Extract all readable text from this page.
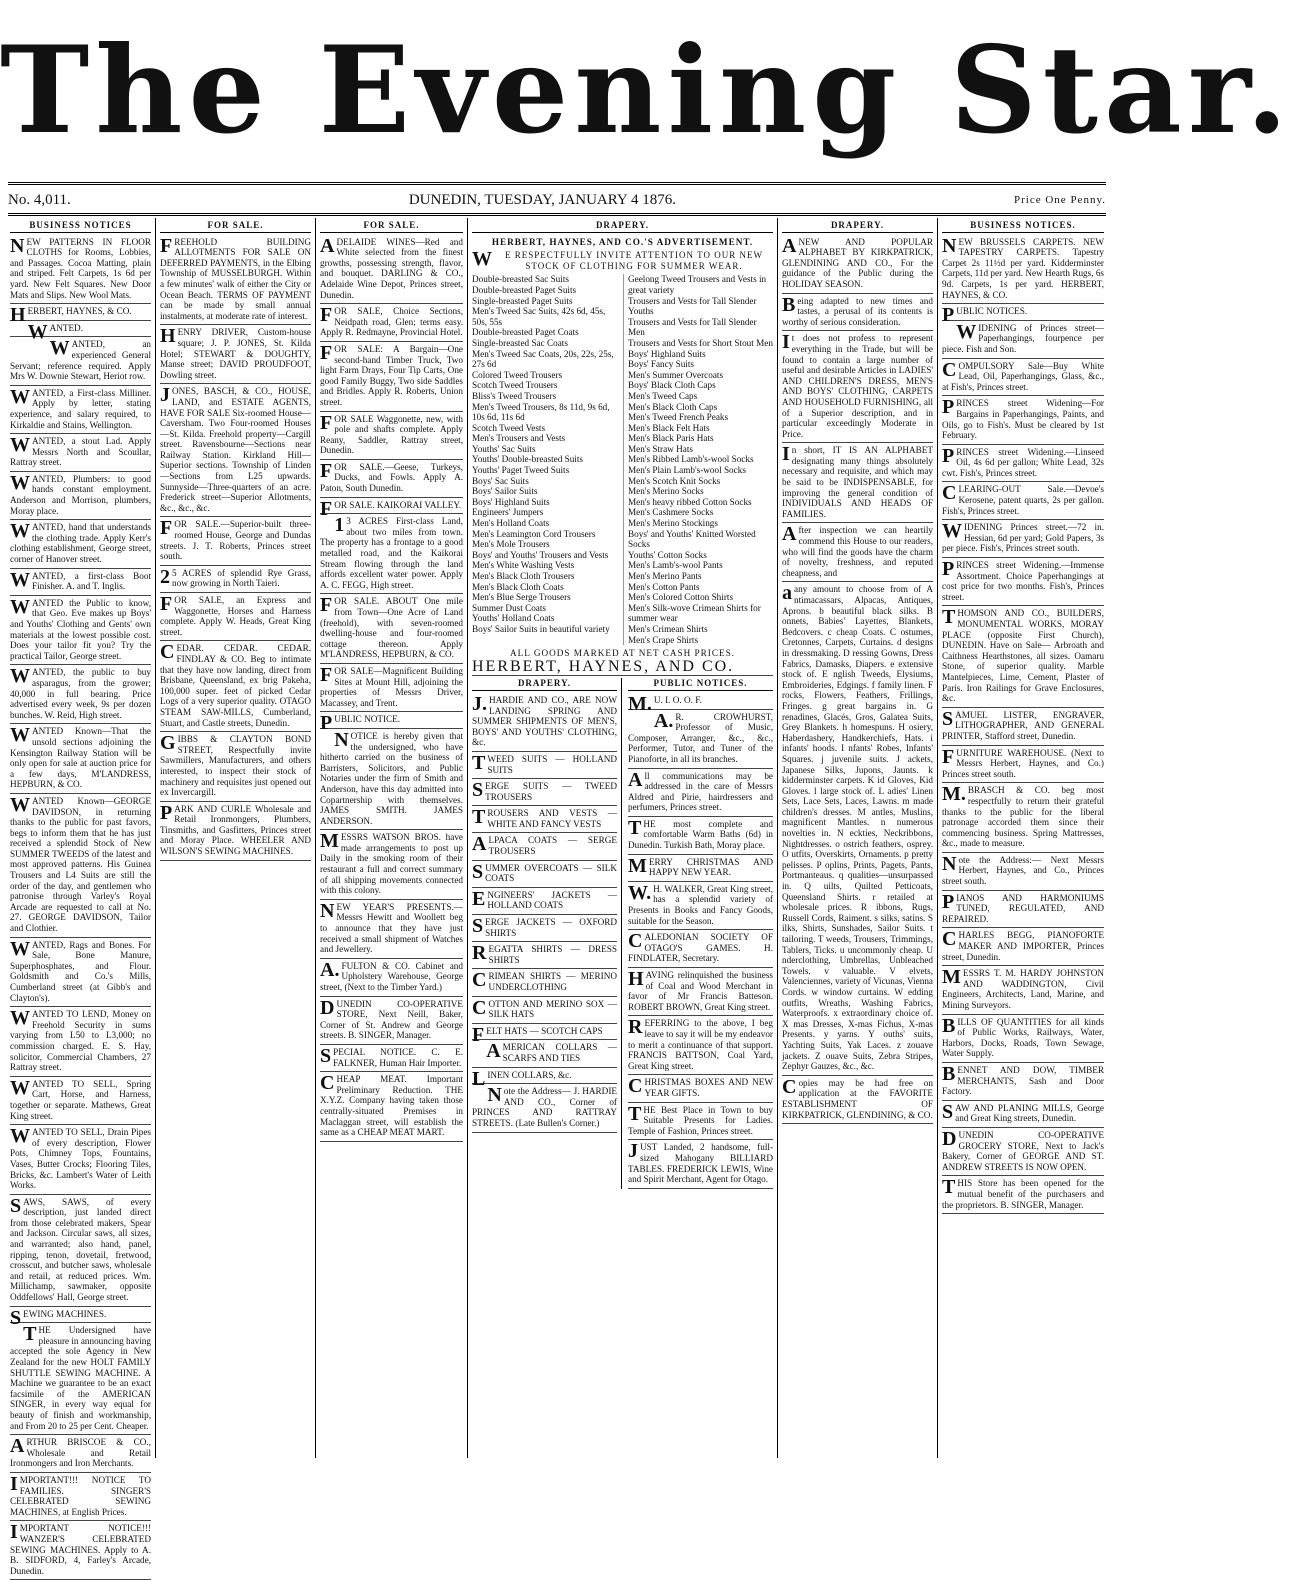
The Evening Star.
No. 4,011.	DUNEDIN, TUESDAY, JANUARY 4 1876.	Price One Penny.
BUSINESS NOTICES

NEW PATTERNS IN FLOOR CLOTHS for Rooms, Lobbies, and Passages. Cocoa Matting, plain and striped. Felt Carpets, 1s 6d per yard. New Felt Squares. New Door Mats and Slips. New Wool Mats.

HERBERT, HAYNES, & CO.

WANTED.

WANTED, an experienced General Servant; reference required. Apply Mrs W. Downie Stewart, Heriot row.

WANTED, a First-class Milliner. Apply by letter, stating experience, and salary required, to Kirkaldie and Stains, Wellington.

WANTED, a stout Lad. Apply Messrs North and Scoullar, Rattray street.

WANTED, Plumbers: to good hands constant employment. Anderson and Morrison, plumbers, Moray place.

WANTED, hand that understands the clothing trade. Apply Kerr's clothing establishment, George street, corner of Hanover street.

WANTED, a first-class Boot Finisher. A. and T. Inglis.

WANTED the Public to know, that Geo. Eve makes up Boys' and Youths' Clothing and Gents' own materials at the lowest possible cost. Does your tailor fit you? Try the practical Tailor, George street.

WANTED, the public to buy asparagus, from the grower; 40,000 in full bearing. Price advertised every week, 9s per dozen bunches. W. Reid, High street.

WANTED Known—That the unsold sections adjoining the Kensington Railway Station will be only open for sale at auction price for a few days, M'LANDRESS, HEPBURN, & CO.

WANTED Known—GEORGE DAVIDSON, in returning thanks to the public for past favors, begs to inform them that he has just received a splendid Stock of New SUMMER TWEEDS of the latest and most approved patterns. His Guinea Trousers and L4 Suits are still the order of the day, and gentlemen who patronise through Varley's Royal Arcade are requested to call at No. 27. GEORGE DAVIDSON, Tailor and Clothier.

WANTED, Rags and Bones. For Sale, Bone Manure, Superphosphates, and Flour. Goldsmith and Co.'s Mills, Cumberland street (at Gibb's and Clayton's).

WANTED TO LEND, Money on Freehold Security in sums varying from L50 to L3,000; no commission charged. E. S. Hay, solicitor, Commercial Chambers, 27 Rattray street.

WANTED TO SELL, Spring Cart, Horse, and Harness, together or separate. Mathews, Great King street.

WANTED TO SELL, Drain Pipes of every description, Flower Pots, Chimney Tops, Fountains, Vases, Butter Crocks; Flooring Tiles, Bricks, &c. Lambert's Water of Leith Works.

SAWS, SAWS, of every description, just landed direct from those celebrated makers, Spear and Jackson. Circular saws, all sizes, and warranted; also hand, panel, ripping, tenon, dovetail, fretwood, crosscut, and butcher saws, wholesale and retail, at reduced prices. Wm. Millichamp, sawmaker, opposite Oddfellows' Hall, George street.

SEWING MACHINES.

THE Undersigned have pleasure in announcing having accepted the sole Agency in New Zealand for the new HOLT FAMILY SHUTTLE SEWING MACHINE. A Machine we guarantee to be an exact facsimile of the AMERICAN SINGER, in every way equal for beauty of finish and workmanship, and From 20 to 25 per Cent. Cheaper.

ARTHUR BRISCOE & CO., Wholesale and Retail Ironmongers and Iron Merchants.

IMPORTANT!!! NOTICE TO FAMILIES. SINGER'S CELEBRATED SEWING MACHINES, at English Prices.

IMPORTANT NOTICE!!! WANZER'S CELEBRATED SEWING MACHINES. Apply to A. B. SIDFORD, 4, Farley's Arcade, Dunedin.

FOR SALE.

FREEHOLD BUILDING ALLOTMENTS FOR SALE ON DEFERRED PAYMENTS, in the Elbing Township of MUSSELBURGH. Within a few minutes' walk of either the City or Ocean Beach. TERMS OF PAYMENT can be made by small annual instalments, at moderate rate of interest.

HENRY DRIVER, Custom-house square; J. P. JONES, St. Kilda Hotel; STEWART & DOUGHTY, Manse street; DAVID PROUDFOOT, Dowling street.

JONES, BASCH, & CO., HOUSE, LAND, and ESTATE AGENTS, HAVE FOR SALE Six-roomed House—Caversham. Two Four-roomed Houses—St. Kilda. Freehold property—Cargill street. Ravensbourne—Sections near Railway Station. Kirkland Hill—Superior sections. Township of Linden—Sections from L25 upwards. Sunnyside—Three-quarters of an acre. Frederick street—Superior Allotments, &c., &c., &c.

FOR SALE.—Superior-built three-roomed House, George and Dundas streets. J. T. Roberts, Princes street south.

25 ACRES of splendid Rye Grass, now growing in North Taieri.

FOR SALE, an Express and Waggonette, Horses and Harness complete. Apply W. Heads, Great King street.

CEDAR. CEDAR. CEDAR. FINDLAY & CO. Beg to intimate that they have now landing, direct from Brisbane, Queensland, ex brig Pakeha, 100,000 super. feet of picked Cedar Logs of a very superior quality. OTAGO STEAM SAW-MILLS, Cumberland, Stuart, and Castle streets, Dunedin.

GIBBS & CLAYTON BOND STREET, Respectfully invite Sawmillers, Manufacturers, and others interested, to inspect their stock of machinery and requisites just opened out ex Invercargill.

PARK AND CURLE Wholesale and Retail Ironmongers, Plumbers, Tinsmiths, and Gasfitters, Princes street and Moray Place. WHEELER AND WILSON'S SEWING MACHINES.

FOR SALE.

ADELAIDE WINES—Red and White selected from the finest growths, possessing strength, flavor, and bouquet. DARLING & CO., Adelaide Wine Depot, Princes street, Dunedin.

FOR SALE, Choice Sections, Neidpath road, Glen; terms easy. Apply R. Redmayne, Provincial Hotel.

FOR SALE: A Bargain—One second-hand Timber Truck, Two light Farm Drays, Four Tip Carts, One good Family Buggy, Two side Saddles and Bridles. Apply R. Roberts, Union street.

FOR SALE Waggonette, new, with pole and shafts complete. Apply Reany, Saddler, Rattray street, Dunedin.

FOR SALE.—Geese, Turkeys, Ducks, and Fowls. Apply A. Paton, South Dunedin.

FOR SALE. KAIKORAI VALLEY.

13 ACRES First-class Land, about two miles from town. The property has a frontage to a good metalled road, and the Kaikorai Stream flowing through the land affords excellent water power. Apply A. C. FEGG, High street.

FOR SALE. ABOUT One mile from Town—One Acre of Land (freehold), with seven-roomed dwelling-house and four-roomed cottage thereon. Apply M'LANDRESS, HEPBURN, & CO.

FOR SALE—Magnificent Building Sites at Mount Hill, adjoining the properties of Messrs Driver, Macassey, and Trent.

PUBLIC NOTICE.

NOTICE is hereby given that the undersigned, who have hitherto carried on the business of Barristers, Solicitors, and Public Notaries under the firm of Smith and Anderson, have this day admitted into Copartnership with themselves. JAMES SMITH. JAMES ANDERSON.

MESSRS WATSON BROS. have made arrangements to post up Daily in the smoking room of their restaurant a full and correct summary of all shipping movements connected with this colony.

NEW YEAR'S PRESENTS.—Messrs Hewitt and Woollett beg to announce that they have just received a small shipment of Watches and Jewellery.

A.FULTON & CO. Cabinet and Upholstery Warehouse, George street, (Next to the Timber Yard.)

DUNEDIN CO-OPERATIVE STORE, Next Neill, Baker, Corner of St. Andrew and George streets. B. SINGER, Manager.

SPECIAL NOTICE. C. E. FALKNER, Human Hair Importer.

CHEAP MEAT. Important Preliminary Reduction. THE X.Y.Z. Company having taken those centrally-situated Premises in Maclaggan street, will establish the same as a CHEAP MEAT MART.

DRAPERY.

HERBERT, HAYNES, AND CO.'S ADVERTISEMENT.

WE RESPECTFULLY INVITE ATTENTION TO OUR NEW STOCK OF CLOTHING FOR SUMMER WEAR.

Double-breasted Sac Suits
Double-breasted Paget Suits
Single-breasted Paget Suits
Men's Tweed Sac Suits, 42s 6d, 45s, 50s, 55s
Double-breasted Paget Coats
Single-breasted Sac Coats
Men's Tweed Sac Coats, 20s, 22s, 25s, 27s 6d
Colored Tweed Trousers
Scotch Tweed Trousers
Bliss's Tweed Trousers
Men's Tweed Trousers, 8s 11d, 9s 6d, 10s 6d, 11s 6d
Scotch Tweed Vests
Men's Trousers and Vests
Youths' Sac Suits
Youths' Double-breasted Suits
Youths' Paget Tweed Suits
Boys' Sac Suits
Boys' Sailor Suits
Boys' Highland Suits
Engineers' Jumpers
Men's Holland Coats
Men's Leamington Cord Trousers
Men's Mole Trousers
Boys' and Youths' Trousers and Vests
Men's White Washing Vests
Men's Black Cloth Trousers
Men's Black Cloth Coats
Men's Blue Serge Trousers
Summer Dust Coats
Youths' Holland Coats
Boys' Sailor Suits in beautiful variety
Geelong Tweed Trousers and Vests in great variety
Trousers and Vests for Tall Slender Youths
Trousers and Vests for Tall Slender Men
Trousers and Vests for Short Stout Men
Boys' Highland Suits
Boys' Fancy Suits
Men's Summer Overcoats
Boys' Black Cloth Caps
Men's Tweed Caps
Men's Black Cloth Caps
Men's Tweed French Peaks
Men's Black Felt Hats
Men's Black Paris Hats
Men's Straw Hats
Men's Ribbed Lamb's-wool Socks
Men's Plain Lamb's-wool Socks
Men's Scotch Knit Socks
Men's Merino Socks
Men's heavy ribbed Cotton Socks
Men's Cashmere Socks
Men's Merino Stockings
Boys' and Youths' Knitted Worsted Socks
Youths' Cotton Socks
Men's Lamb's-wool Pants
Men's Merino Pants
Men's Cotton Pants
Men's Colored Cotton Shirts
Men's Silk-wove Crimean Shirts for summer wear
Men's Crimean Shirts
Men's Crape Shirts

ALL GOODS MARKED AT NET CASH PRICES.

HERBERT, HAYNES, AND CO.

DRAPERY.

J.HARDIE AND CO., ARE NOW LANDING SPRING AND SUMMER SHIPMENTS OF MEN'S, BOYS' AND YOUTHS' CLOTHING, &c.

TWEED SUITS — HOLLAND SUITS

SERGE SUITS — TWEED TROUSERS

TROUSERS AND VESTS — WHITE AND FANCY VESTS

ALPACA COATS — SERGE TROUSERS

SUMMER OVERCOATS — SILK COATS

ENGINEERS' JACKETS — HOLLAND COATS

SERGE JACKETS — OXFORD SHIRTS

REGATTA SHIRTS — DRESS SHIRTS

CRIMEAN SHIRTS — MERINO UNDERCLOTHING

COTTON AND MERINO SOX — SILK HATS

FELT HATS — SCOTCH CAPS

AMERICAN COLLARS — SCARFS AND TIES

LINEN COLLARS, &c.

Note the Address— J. HARDIE AND CO., Corner of PRINCES AND RATTRAY STREETS. (Late Bullen's Corner.)

PUBLIC NOTICES.

M.U. I. O. O. F.

A.R. CROWHURST, Professor of Music, Composer, Arranger, &c., &c., Performer, Tutor, and Tuner of the Pianoforte, in all its branches.

All communications may be addressed in the care of Messrs Aldred and Pirie, hairdressers and perfumers, Princes street.

THE most complete and comfortable Warm Baths (6d) in Dunedin. Turkish Bath, Moray place.

MERRY CHRISTMAS AND HAPPY NEW YEAR.

W.H. WALKER, Great King street, has a splendid variety of Presents in Books and Fancy Goods, suitable for the Season.

CALEDONIAN SOCIETY OF OTAGO'S GAMES. H. FINDLATER, Secretary.

HAVING relinquished the business of Coal and Wood Merchant in favor of Mr Francis Batteson. ROBERT BROWN, Great King street.

REFERRING to the above, I beg leave to say it will be my endeavor to merit a continuance of that support. FRANCIS BATTSON, Coal Yard, Great King street.

CHRISTMAS BOXES AND NEW YEAR GIFTS.

THE Best Place in Town to buy Suitable Presents for Ladies. Temple of Fashion, Princes street.

JUST Landed, 2 handsome, full-sized Mahogany BILLIARD TABLES. FREDERICK LEWIS, Wine and Spirit Merchant, Agent for Otago.

DRAPERY.

ANEW AND POPULAR ALPHABET BY KIRKPATRICK, GLENDINING AND CO., For the guidance of the Public during the HOLIDAY SEASON.

Being adapted to new times and tastes, a perusal of its contents is worthy of serious consideration.

It does not profess to represent everything in the Trade, but will be found to contain a large number of useful and desirable Articles in LADIES' AND CHILDREN'S DRESS, MEN'S AND BOYS' CLOTHING, CARPETS AND HOUSEHOLD FURNISHING, all of a Superior description, and in particular exceedingly Moderate in Price.

In short, IT IS AN ALPHABET designating many things absolutely necessary and requisite, and which may be said to be INDISPENSABLE, for improving the general condition of INDIVIDUALS AND HEADS OF FAMILIES.

After inspection we can heartily commend this House to our readers, who will find the goods have the charm of novelty, freshness, and reputed cheapness, and

aany amount to choose from of A ntimacassars, Alpacas, Antiques, Aprons. b beautiful black silks. B onnets, Babies' Layettes, Blankets, Bedcovers. c cheap Coats. C ostumes, Cretonnes, Carpets, Curtains. d designs in dressmaking. D ressing Gowns, Dress Fabrics, Damasks, Diapers. e extensive stock of. E nglish Tweeds, Elysiums, Embroideries, Edgings. f family linen. F rocks, Flowers, Feathers, Frillings, Fringes. g great bargains in. G renadines, Glacés, Gros, Galatea Suits, Grey Blankets. h homespuns. H osiery, Haberdashery, Handkerchiefs, Hats. i infants' hoods. I nfants' Robes, Infants' Squares. j juvenile suits. J ackets, Japanese Silks, Jupons, Jaunts. k kidderminster carpets. K id Gloves, Kid Gloves. l large stock of. L adies' Linen Sets, Lace Sets, Laces, Lawns. m made children's dresses. M antles, Muslins, magnificent Mantles. n numerous novelties in. N eckties, Neckribbons, Nightdresses. o ostrich feathers, osprey. O utfits, Overskirts, Ornaments. p pretty pelisses. P oplins, Prints, Pagets, Pants, Portmanteaus. q qualities—unsurpassed in. Q uilts, Quilted Petticoats, Queensland Shirts. r retailed at wholesale prices. R ibbons, Rugs, Russell Cords, Raiment. s silks, satins. S ilks, Shirts, Sunshades, Sailor Suits. t tailoring. T weeds, Trousers, Trimmings, Tablers, Ticks. u uncommonly cheap. U nderclothing, Umbrellas, Unbleached Towels. v valuable. V elvets, Valenciennes, variety of Vicunas, Vienna Cords. w window curtains. W edding outfits, Wreaths, Washing Fabrics, Waterproofs. x extraordinary choice of. X mas Dresses, X-mas Fichus, X-mas Presents. y yarns. Y ouths' suits, Yachting Suits, Yak Laces. z zouave jackets. Z ouave Suits, Zebra Stripes, Zephyr Gauzes, &c., &c.

Copies may be had free on application at the FAVORITE ESTABLISHMENT OF KIRKPATRICK, GLENDINING, & CO.

BUSINESS NOTICES.

NEW BRUSSELS CARPETS. NEW TAPESTRY CARPETS. Tapestry Carpet 2s 11½d per yard. Kidderminster Carpets, 11d per yard. New Hearth Rugs, 6s 9d. Carpets, 1s per yard. HERBERT, HAYNES, & CO.

PUBLIC NOTICES.

WIDENING of Princes street—Paperhangings, fourpence per piece. Fish and Son.

COMPULSORY Sale—Buy White Lead, Oil, Paperhangings, Glass, &c., at Fish's, Princes street.

PRINCES street Widening—For Bargains in Paperhangings, Paints, and Oils, go to Fish's. Must be cleared by 1st February.

PRINCES street Widening.—Linseed Oil, 4s 6d per gallon; White Lead, 32s cwt. Fish's, Princes street.

CLEARING-OUT Sale.—Devoe's Kerosene, patent quarts, 2s per gallon. Fish's, Princes street.

WIDENING Princes street.—72 in. Hessian, 6d per yard; Gold Papers, 3s per piece. Fish's, Princes street south.

PRINCES street Widening.—Immense Assortment. Choice Paperhangings at cost price for two months. Fish's, Princes street.

THOMSON AND CO., BUILDERS, MONUMENTAL WORKS, MORAY PLACE (opposite First Church), DUNEDIN. Have on Sale— Arbroath and Caithness Hearthstones, all sizes. Oamaru Stone, of superior quality. Marble Mantelpieces, Lime, Cement, Plaster of Paris. Iron Railings for Grave Enclosures, &c.

SAMUEL LISTER, ENGRAVER, LITHOGRAPHER, AND GENERAL PRINTER, Stafford street, Dunedin.

FURNITURE WAREHOUSE. (Next to Messrs Herbert, Haynes, and Co.) Princes street south.

M.BRASCH & CO. beg most respectfully to return their grateful thanks to the public for the liberal patronage accorded them since their commencing business. Spring Mattresses, &c., made to measure.

Note the Address:— Next Messrs Herbert, Haynes, and Co., Princes street south.

PIANOS AND HARMONIUMS TUNED, REGULATED, AND REPAIRED.

CHARLES BEGG, PIANOFORTE MAKER AND IMPORTER, Princes street, Dunedin.

MESSRS T. M. HARDY JOHNSTON AND WADDINGTON, Civil Engineers, Architects, Land, Marine, and Mining Surveyors.

BILLS OF QUANTITIES for all kinds of Public Works, Railways, Water, Harbors, Docks, Roads, Town Sewage, Water Supply.

BENNET AND DOW, TIMBER MERCHANTS, Sash and Door Factory.

SAW AND PLANING MILLS, George and Great King streets, Dunedin.

DUNEDIN CO-OPERATIVE GROCERY STORE, Next to Jack's Bakery, Corner of GEORGE AND ST. ANDREW STREETS IS NOW OPEN.

THIS Store has been opened for the mutual benefit of the purchasers and the proprietors. B. SINGER, Manager.
